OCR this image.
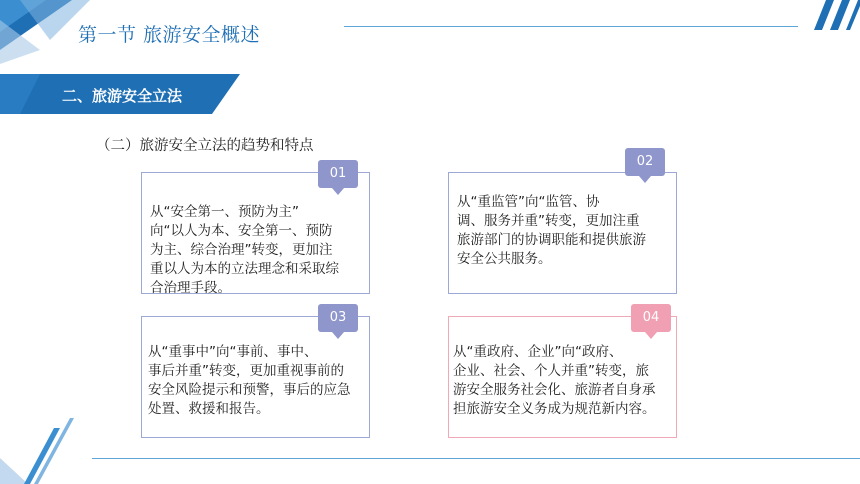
第一节 旅游安全概述
二、旅游安全立法
（二）旅游安全立法的趋势和特点
从“安全第一、预防为主”
向“以人为本、安全第一、预防
为主、综合治理”转变，更加注
重以人为本的立法理念和采取综
合治理手段。
01
从“重监管”向“监管、协
调、服务并重”转变，更加注重
旅游部门的协调职能和提供旅游
安全公共服务。
02
从“重事中”向“事前、事中、
事后并重”转变，更加重视事前的
安全风险提示和预警，事后的应急
处置、救援和报告。
03
从“重政府、企业”向“政府、
企业、社会、个人并重”转变，旅
游安全服务社会化、旅游者自身承
担旅游安全义务成为规范新内容。
04
